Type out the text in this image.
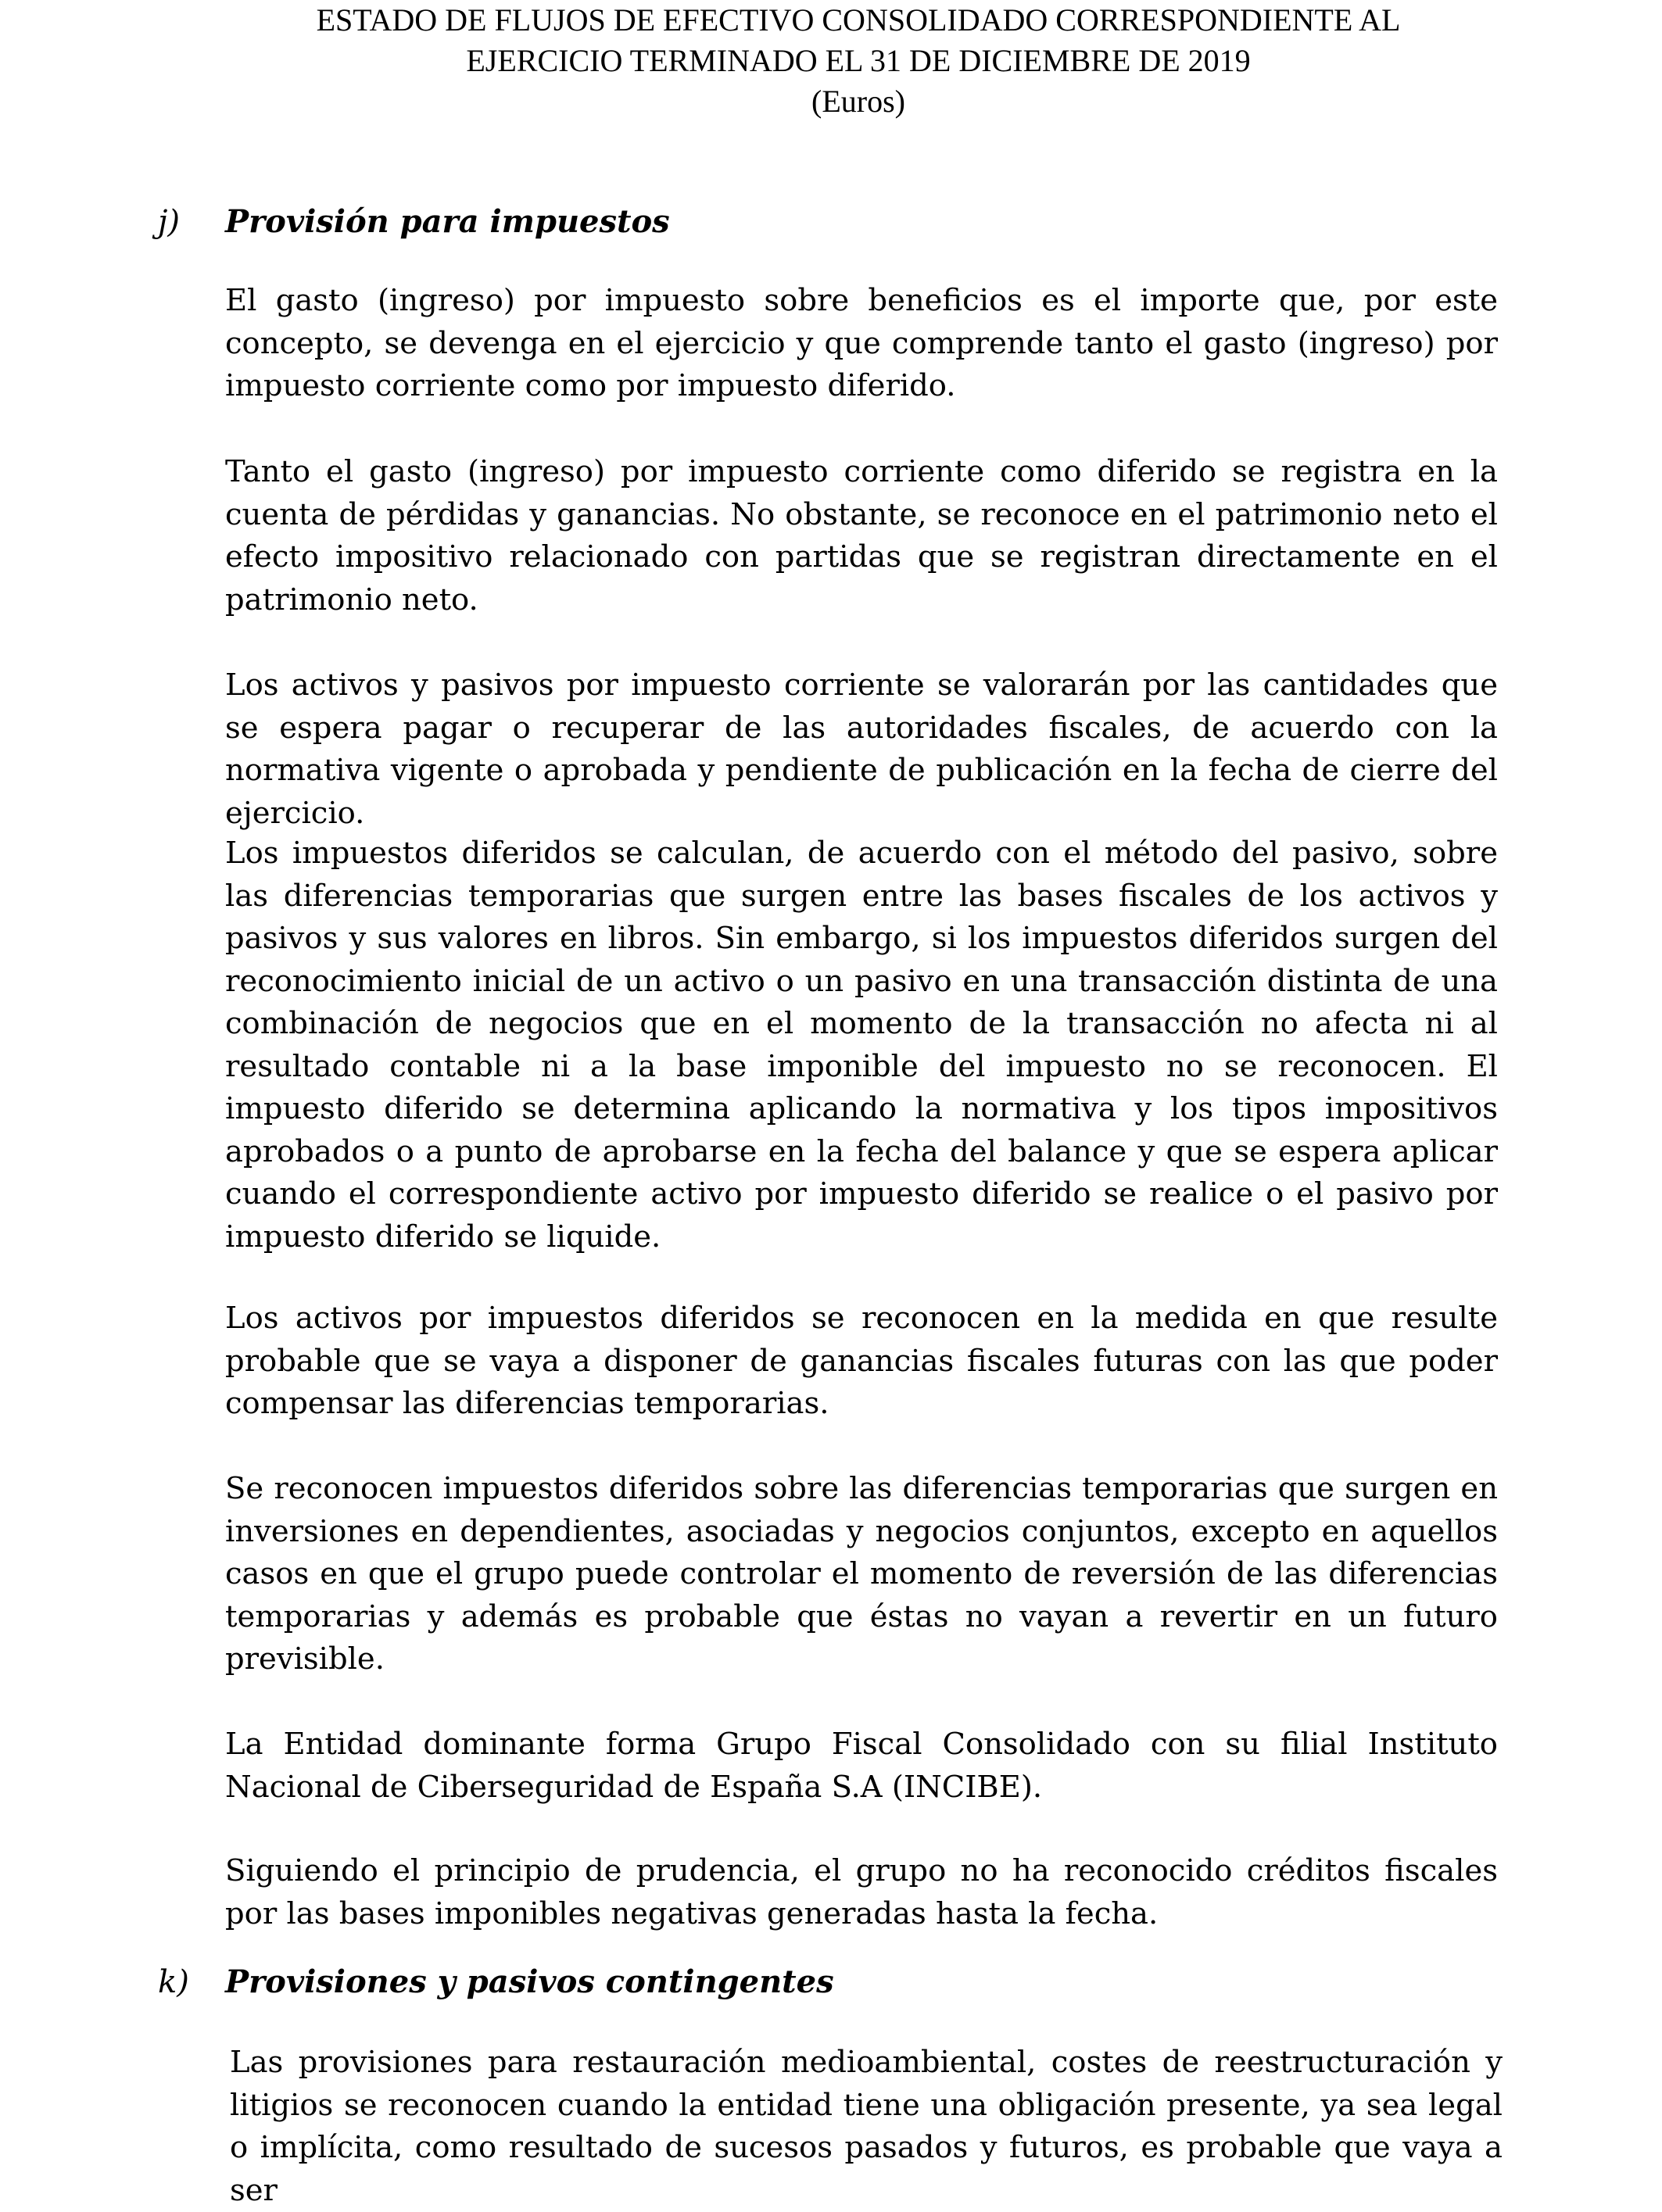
ESTADO DE FLUJOS DE EFECTIVO CONSOLIDADO CORRESPONDIENTE AL
EJERCICIO TERMINADO EL 31 DE DICIEMBRE DE 2019
(Euros)
j) Provisión para impuestos
El gasto (ingreso) por impuesto sobre beneficios es el importe que, por este concepto, se devenga en el ejercicio y que comprende tanto el gasto (ingreso) por impuesto corriente como por impuesto diferido.
Tanto el gasto (ingreso) por impuesto corriente como diferido se registra en la cuenta de pérdidas y ganancias. No obstante, se reconoce en el patrimonio neto el efecto impositivo relacionado con partidas que se registran directamente en el patrimonio neto.
Los activos y pasivos por impuesto corriente se valorarán por las cantidades que se espera pagar o recuperar de las autoridades fiscales, de acuerdo con la normativa vigente o aprobada y pendiente de publicación en la fecha de cierre del ejercicio.
Los impuestos diferidos se calculan, de acuerdo con el método del pasivo, sobre las diferencias temporarias que surgen entre las bases fiscales de los activos y pasivos y sus valores en libros. Sin embargo, si los impuestos diferidos surgen del reconocimiento inicial de un activo o un pasivo en una transacción distinta de una combinación de negocios que en el momento de la transacción no afecta ni al resultado contable ni a la base imponible del impuesto no se reconocen. El impuesto diferido se determina aplicando la normativa y los tipos impositivos aprobados o a punto de aprobarse en la fecha del balance y que se espera aplicar cuando el correspondiente activo por impuesto diferido se realice o el pasivo por impuesto diferido se liquide.
Los activos por impuestos diferidos se reconocen en la medida en que resulte probable que se vaya a disponer de ganancias fiscales futuras con las que poder compensar las diferencias temporarias.
Se reconocen impuestos diferidos sobre las diferencias temporarias que surgen en inversiones en dependientes, asociadas y negocios conjuntos, excepto en aquellos casos en que el grupo puede controlar el momento de reversión de las diferencias temporarias y además es probable que éstas no vayan a revertir en un futuro previsible.
La Entidad dominante forma Grupo Fiscal Consolidado con su filial Instituto Nacional de Ciberseguridad de España S.A (INCIBE).
Siguiendo el principio de prudencia, el grupo no ha reconocido créditos fiscales por las bases imponibles negativas generadas hasta la fecha.
k) Provisiones y pasivos contingentes
Las provisiones para restauración medioambiental, costes de reestructuración y litigios se reconocen cuando la entidad tiene una obligación presente, ya sea legal o implícita, como resultado de sucesos pasados y futuros, es probable que vaya a ser
